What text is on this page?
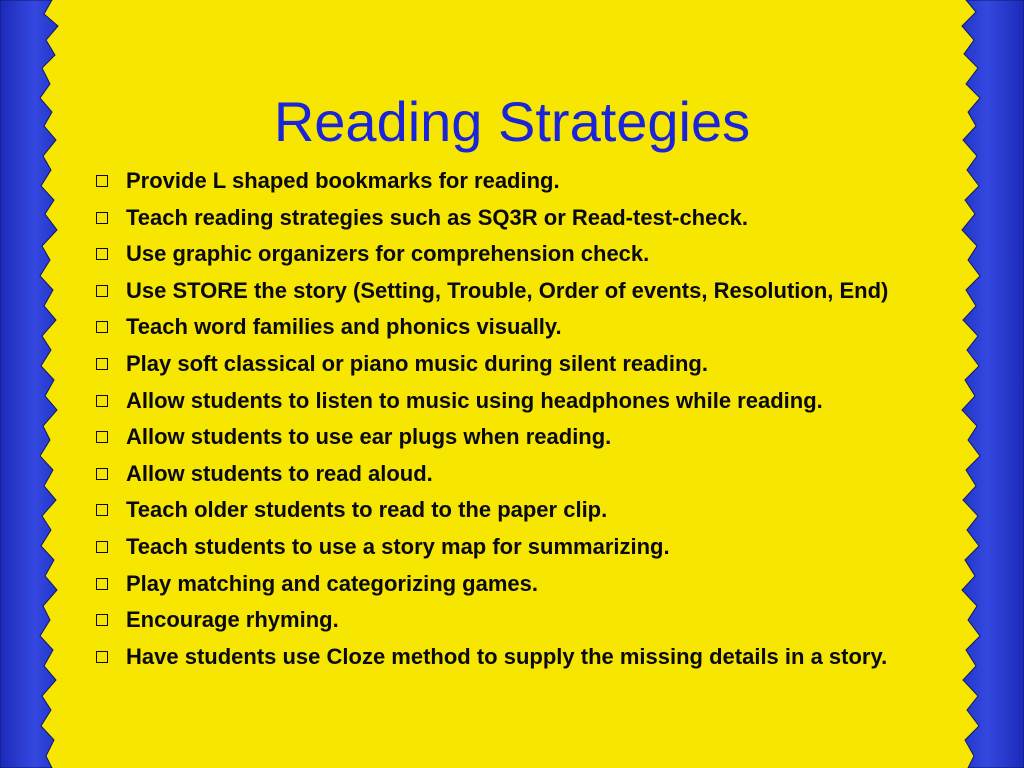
Reading Strategies
Provide L shaped bookmarks for reading.
Teach reading strategies such as SQ3R or Read-test-check.
Use graphic organizers for comprehension check.
Use STORE the story (Setting, Trouble, Order of events, Resolution, End)
Teach word families and phonics visually.
Play soft classical or piano music during silent reading.
Allow students to listen to music using headphones while reading.
Allow students to use ear plugs when reading.
Allow students to read aloud.
Teach older students to read to the paper clip.
Teach students to use a story map for summarizing.
Play matching and categorizing games.
Encourage rhyming.
Have students use Cloze method to supply the missing details in a story.
